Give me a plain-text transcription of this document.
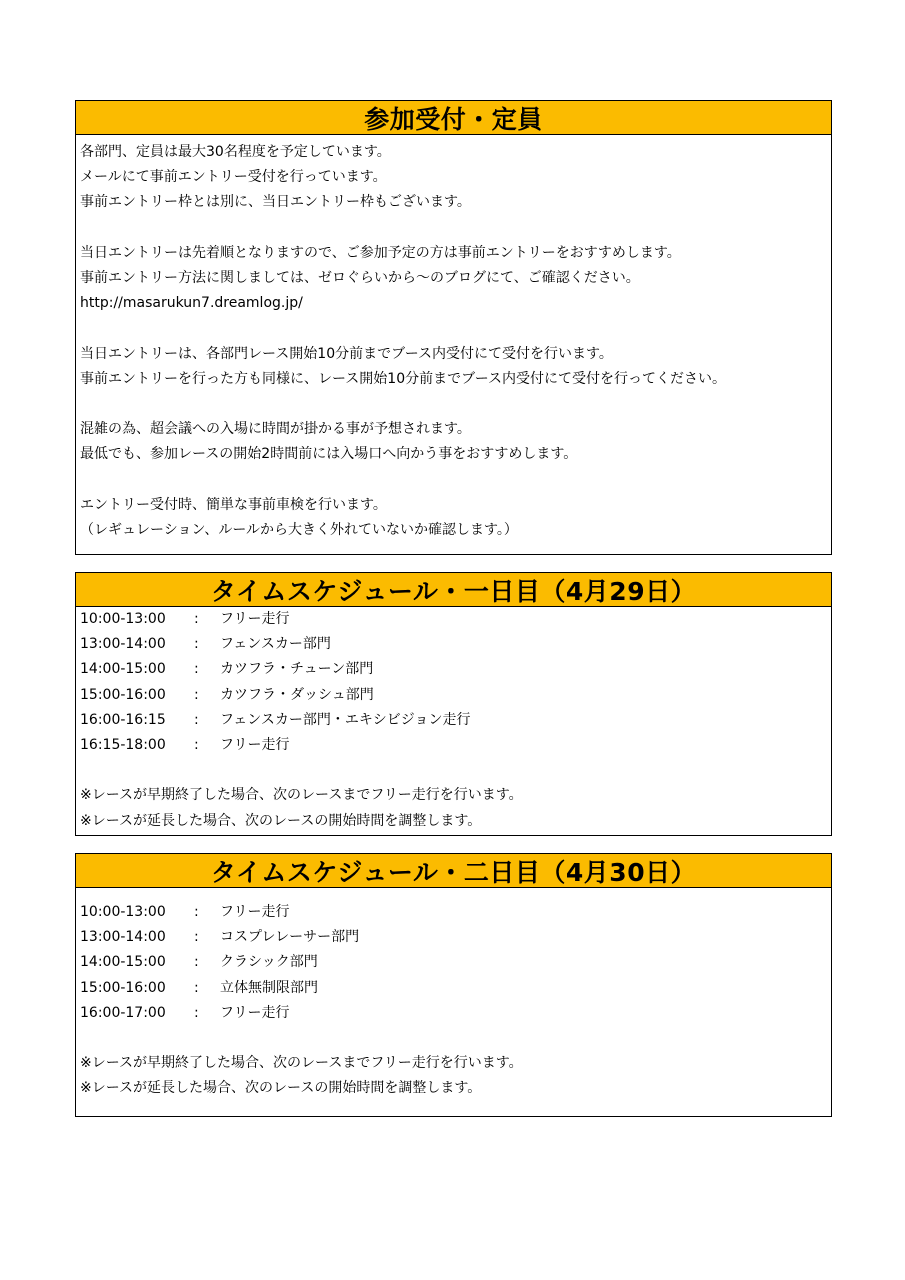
参加受付・定員
各部門、定員は最大30名程度を予定しています。
メールにて事前エントリー受付を行っています。
事前エントリー枠とは別に、当日エントリー枠もございます。
当日エントリーは先着順となりますので、ご参加予定の方は事前エントリーをおすすめします。
事前エントリー方法に関しましては、ゼロぐらいから～のブログにて、ご確認ください。
http://masarukun7.dreamlog.jp/
当日エントリーは、各部門レース開始10分前までブース内受付にて受付を行います。
事前エントリーを行った方も同様に、レース開始10分前までブース内受付にて受付を行ってください。
混雑の為、超会議への入場に時間が掛かる事が予想されます。
最低でも、参加レースの開始2時間前には入場口へ向かう事をおすすめします。
エントリー受付時、簡単な事前車検を行います。
（レギュレーション、ルールから大きく外れていないか確認します。）
タイムスケジュール・一日目（4月29日）
10:00-13:00	:	フリー走行
13:00-14:00	:	フェンスカー部門
14:00-15:00	:	カツフラ・チューン部門
15:00-16:00	:	カツフラ・ダッシュ部門
16:00-16:15	:	フェンスカー部門・エキシビジョン走行
16:15-18:00	:	フリー走行
※レースが早期終了した場合、次のレースまでフリー走行を行います。
※レースが延長した場合、次のレースの開始時間を調整します。
タイムスケジュール・二日目（4月30日）
10:00-13:00	:	フリー走行
13:00-14:00	:	コスプレレーサー部門
14:00-15:00	:	クラシック部門
15:00-16:00	:	立体無制限部門
16:00-17:00	:	フリー走行
※レースが早期終了した場合、次のレースまでフリー走行を行います。
※レースが延長した場合、次のレースの開始時間を調整します。
